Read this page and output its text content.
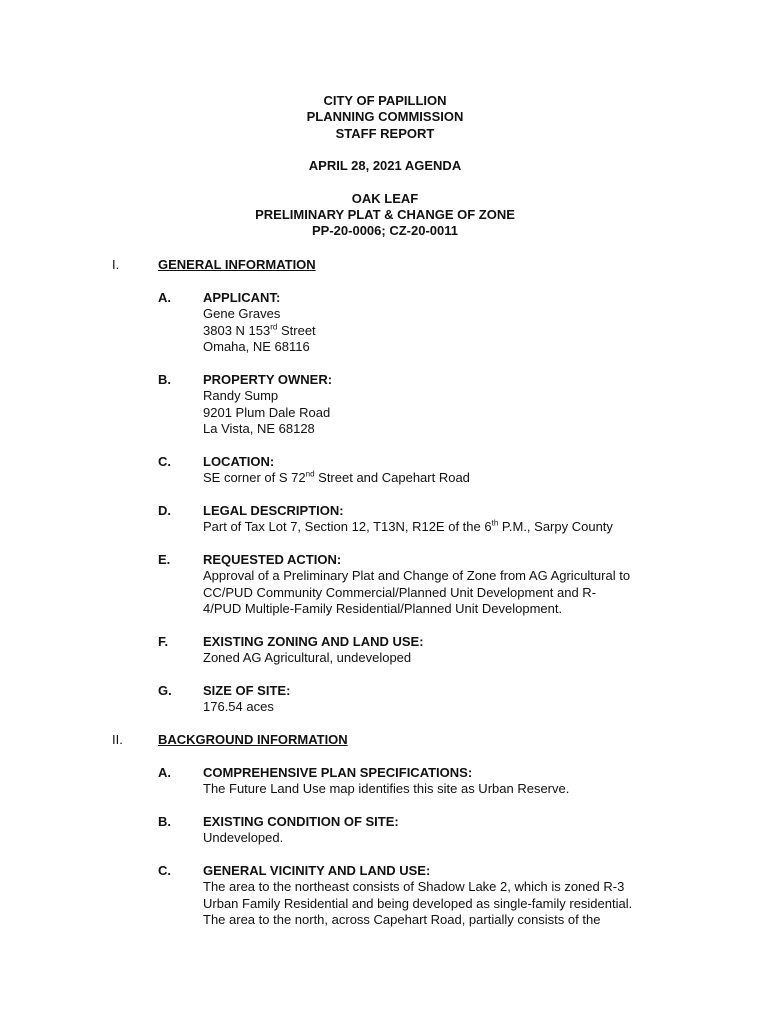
CITY OF PAPILLION
PLANNING COMMISSION
STAFF REPORT
APRIL 28, 2021 AGENDA
OAK LEAF
PRELIMINARY PLAT & CHANGE OF ZONE
PP-20-0006; CZ-20-0011
I.	GENERAL INFORMATION
A. APPLICANT:
Gene Graves
3803 N 153rd Street
Omaha, NE 68116
B. PROPERTY OWNER:
Randy Sump
9201 Plum Dale Road
La Vista, NE 68128
C. LOCATION:
SE corner of S 72nd Street and Capehart Road
D. LEGAL DESCRIPTION:
Part of Tax Lot 7, Section 12, T13N, R12E of the 6th P.M., Sarpy County
E.	REQUESTED ACTION:
Approval of a Preliminary Plat and Change of Zone from AG Agricultural to
CC/PUD Community Commercial/Planned Unit Development and R-
4/PUD Multiple-Family Residential/Planned Unit Development.
F.	EXISTING ZONING AND LAND USE:
Zoned AG Agricultural, undeveloped
G. SIZE OF SITE:
176.54 aces
II.	BACKGROUND INFORMATION
A. COMPREHENSIVE PLAN SPECIFICATIONS:
The Future Land Use map identifies this site as Urban Reserve.
B. EXISTING CONDITION OF SITE:
Undeveloped.
C. GENERAL VICINITY AND LAND USE:
The area to the northeast consists of Shadow Lake 2, which is zoned R-3
Urban Family Residential and being developed as single-family residential.
The area to the north, across Capehart Road, partially consists of the
